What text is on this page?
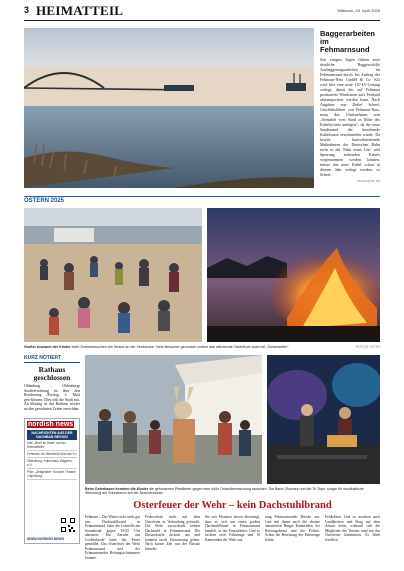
3 HEIMATTEIL	Mittwoch, 23. April 2025
Baggerarbeiten im Fehmarnsund

Seit einigen Tagen führen zwei deutliche Baggerschiffe Ausbaggerungsarbeiten im Fehmarnsund durch. Im Auftrag der Fehmarn-Netz GmbH & Co. KG wird hier eine neue 110-kV-Leitung verlegt, damit der auf Fehmarn produzierte Windstrom aufs Festland abtransportiert werden kann. Nach Angaben von Detlef Scheel, Geschäftsführer von Fehmarn-Netz, muss das Unternehmen sein „Seekabel vom Sund in Höhe des Kabelsystem umlegen“, da die neue Sundtunnel die bestehende Kabeltrasse zerschneiden würde. Da bereits bauvorbereitende Maßnahmen der Deutschen Bahn nicht in der Nähe eines Leit- und Sperrung stehenden Kabels vorgenommen werden können, müsse das neue Kabel schon in diesem Jahr verlegt werden, so Scheel.

FOTO/FOTO: ES
OSTERN 2025
Großer Ansturm der Kinder beim Ostereiersuchen am Strand an der Seebrücke. Viele Besucher genossen zudem das wärmende Osterfeuer auch bei „Schietwetter“.	FOTOS: FOTO
KURZ NOTIERT
Rathaus geschlossen
Oldenburg – Oldenburgs Stadtverwaltung ist über den Brückentag (Freitag, 2. Mai) geschlossen. Dies teilt die Stadt mit. Ab Montag ist das Rathaus wieder zu den gewohnten Zeiten erreichbar.
nordish news
NACHRICHTEN AUS DER NACHBAR-REGION
Kiel: „Brief an Basti“ auf der Seenotfähre
Fehmarn: Im Wendfeld über die Fu
Oldenburg: Kulturhaus Wagrien e.V.
Plön: „Zeitgeister“ Konzert Theater Lütjenburg
WWW.NORDISH.NEWS
Beim Osterhasen konnten die Kinder die gefundenen Plastikeier gegen eine süße Osterüberraschung tauschen. Die Band „Rowney und die Tri Tops“ sorgte für musikalische Stimmung am Sonnabend auf der Drachenwiese.
Osterfeuer der Wehr – kein Dachstuhlbrand

Fehmarn – Das Wetter sicht nicht gut aus. Dachstuhlbrand in Fehmarnsund, hatte die Leitstelle am Sonnabend gegen 18:45 Uhr alarmiert. Ein Anrufer aus Großenbrode hatte das Feuer gemeldet. Das Osterfeuer der Wehr Fehmarnsund und der Fehmarnsunder Rettungsschwimmer brannte.

Feuerschein nicht mit dem Osterfeuer in Verbindung gebracht. Die Wehr verwechselt keinen Dachstuhl in Fehmarnsund. Die Einsatzkräfte rückten aus und konnten rasch Entwarnung geben. Nach kurzer Zeit war der Einsatz beendet.

Sie seit Monaten davon überzeugt, dass es sich um einen großen Dachstuhlbrand in Fehmarnsund handelt, so der Einsatzleiter. Und so rückten zwei Fahrzeuge und 18 Kameraden der Wehr aus.

tung Fehmarnsunder Brücke aus. Und mit ihnen auch die ebenso alarmierten Burger Kameraden, der Rettungsdienst und die Polizei. Schon die Besetzung der Fahrzeuge fehlte.

Feldtolken. Und so machten auch Landkirchen und Burg auf dem Absatz kehrt, während sich die Mitglieder des Vereins rund um das Osterfeuer kümmerten. Es blieb friedlich.
